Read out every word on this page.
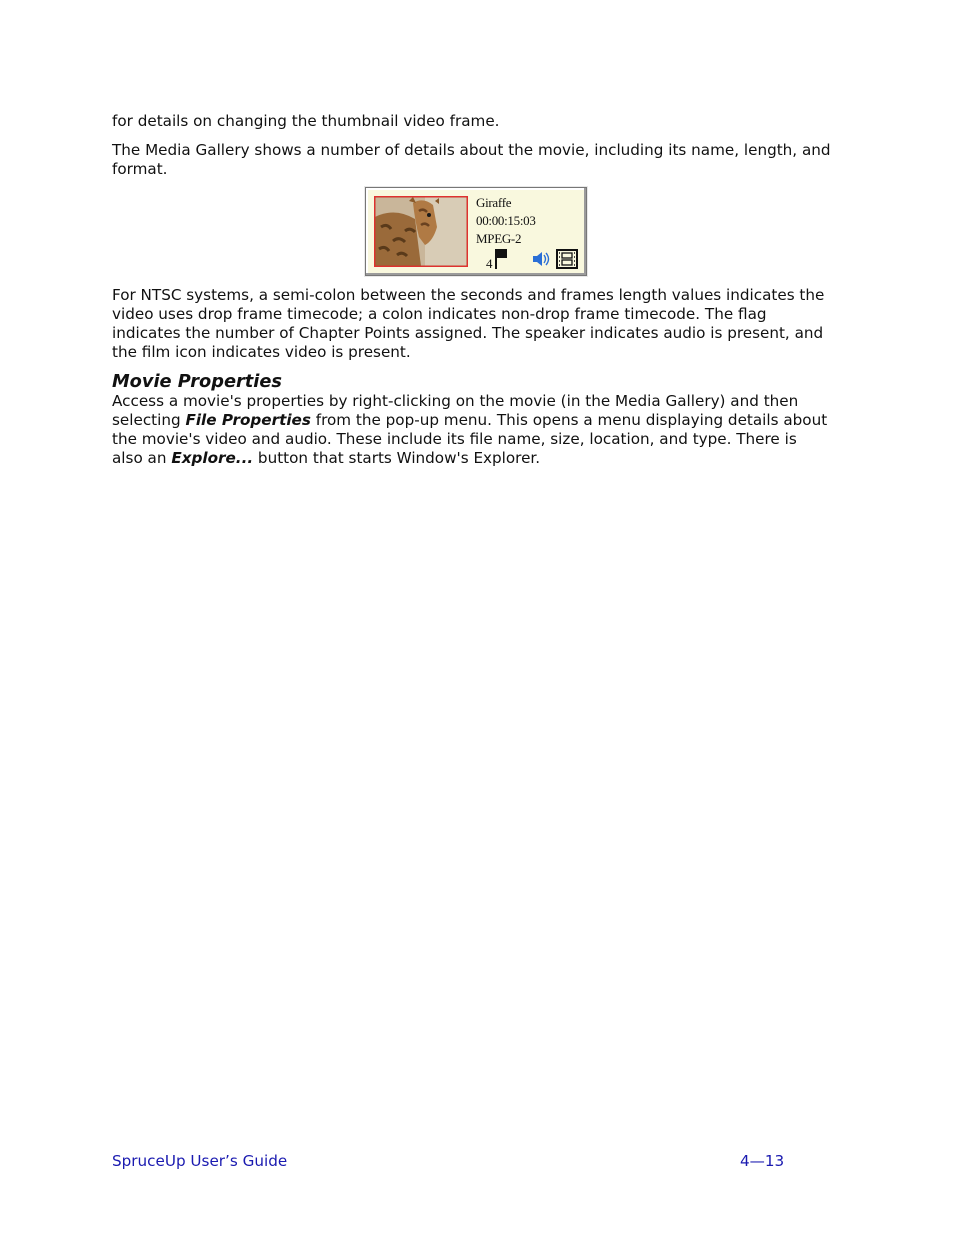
for details on changing the thumbnail video frame.

The Media Gallery shows a number of details about the movie, including its name, length, and format.

Giraffe
00:00:15:03
MPEG-2
4

For NTSC systems, a semi-colon between the seconds and frames length values indicates the video uses drop frame timecode; a colon indicates non-drop frame timecode. The flag indicates the number of Chapter Points assigned. The speaker indicates audio is present, and the film icon indicates video is present.

Movie Properties

Access a movie's properties by right-clicking on the movie (in the Media Gallery) and then selecting File Properties from the pop-up menu. This opens a menu displaying details about the movie's video and audio. These include its file name, size, location, and type. There is also an Explore... button that starts Window's Explorer.

SpruceUp User’s Guide	4—13
